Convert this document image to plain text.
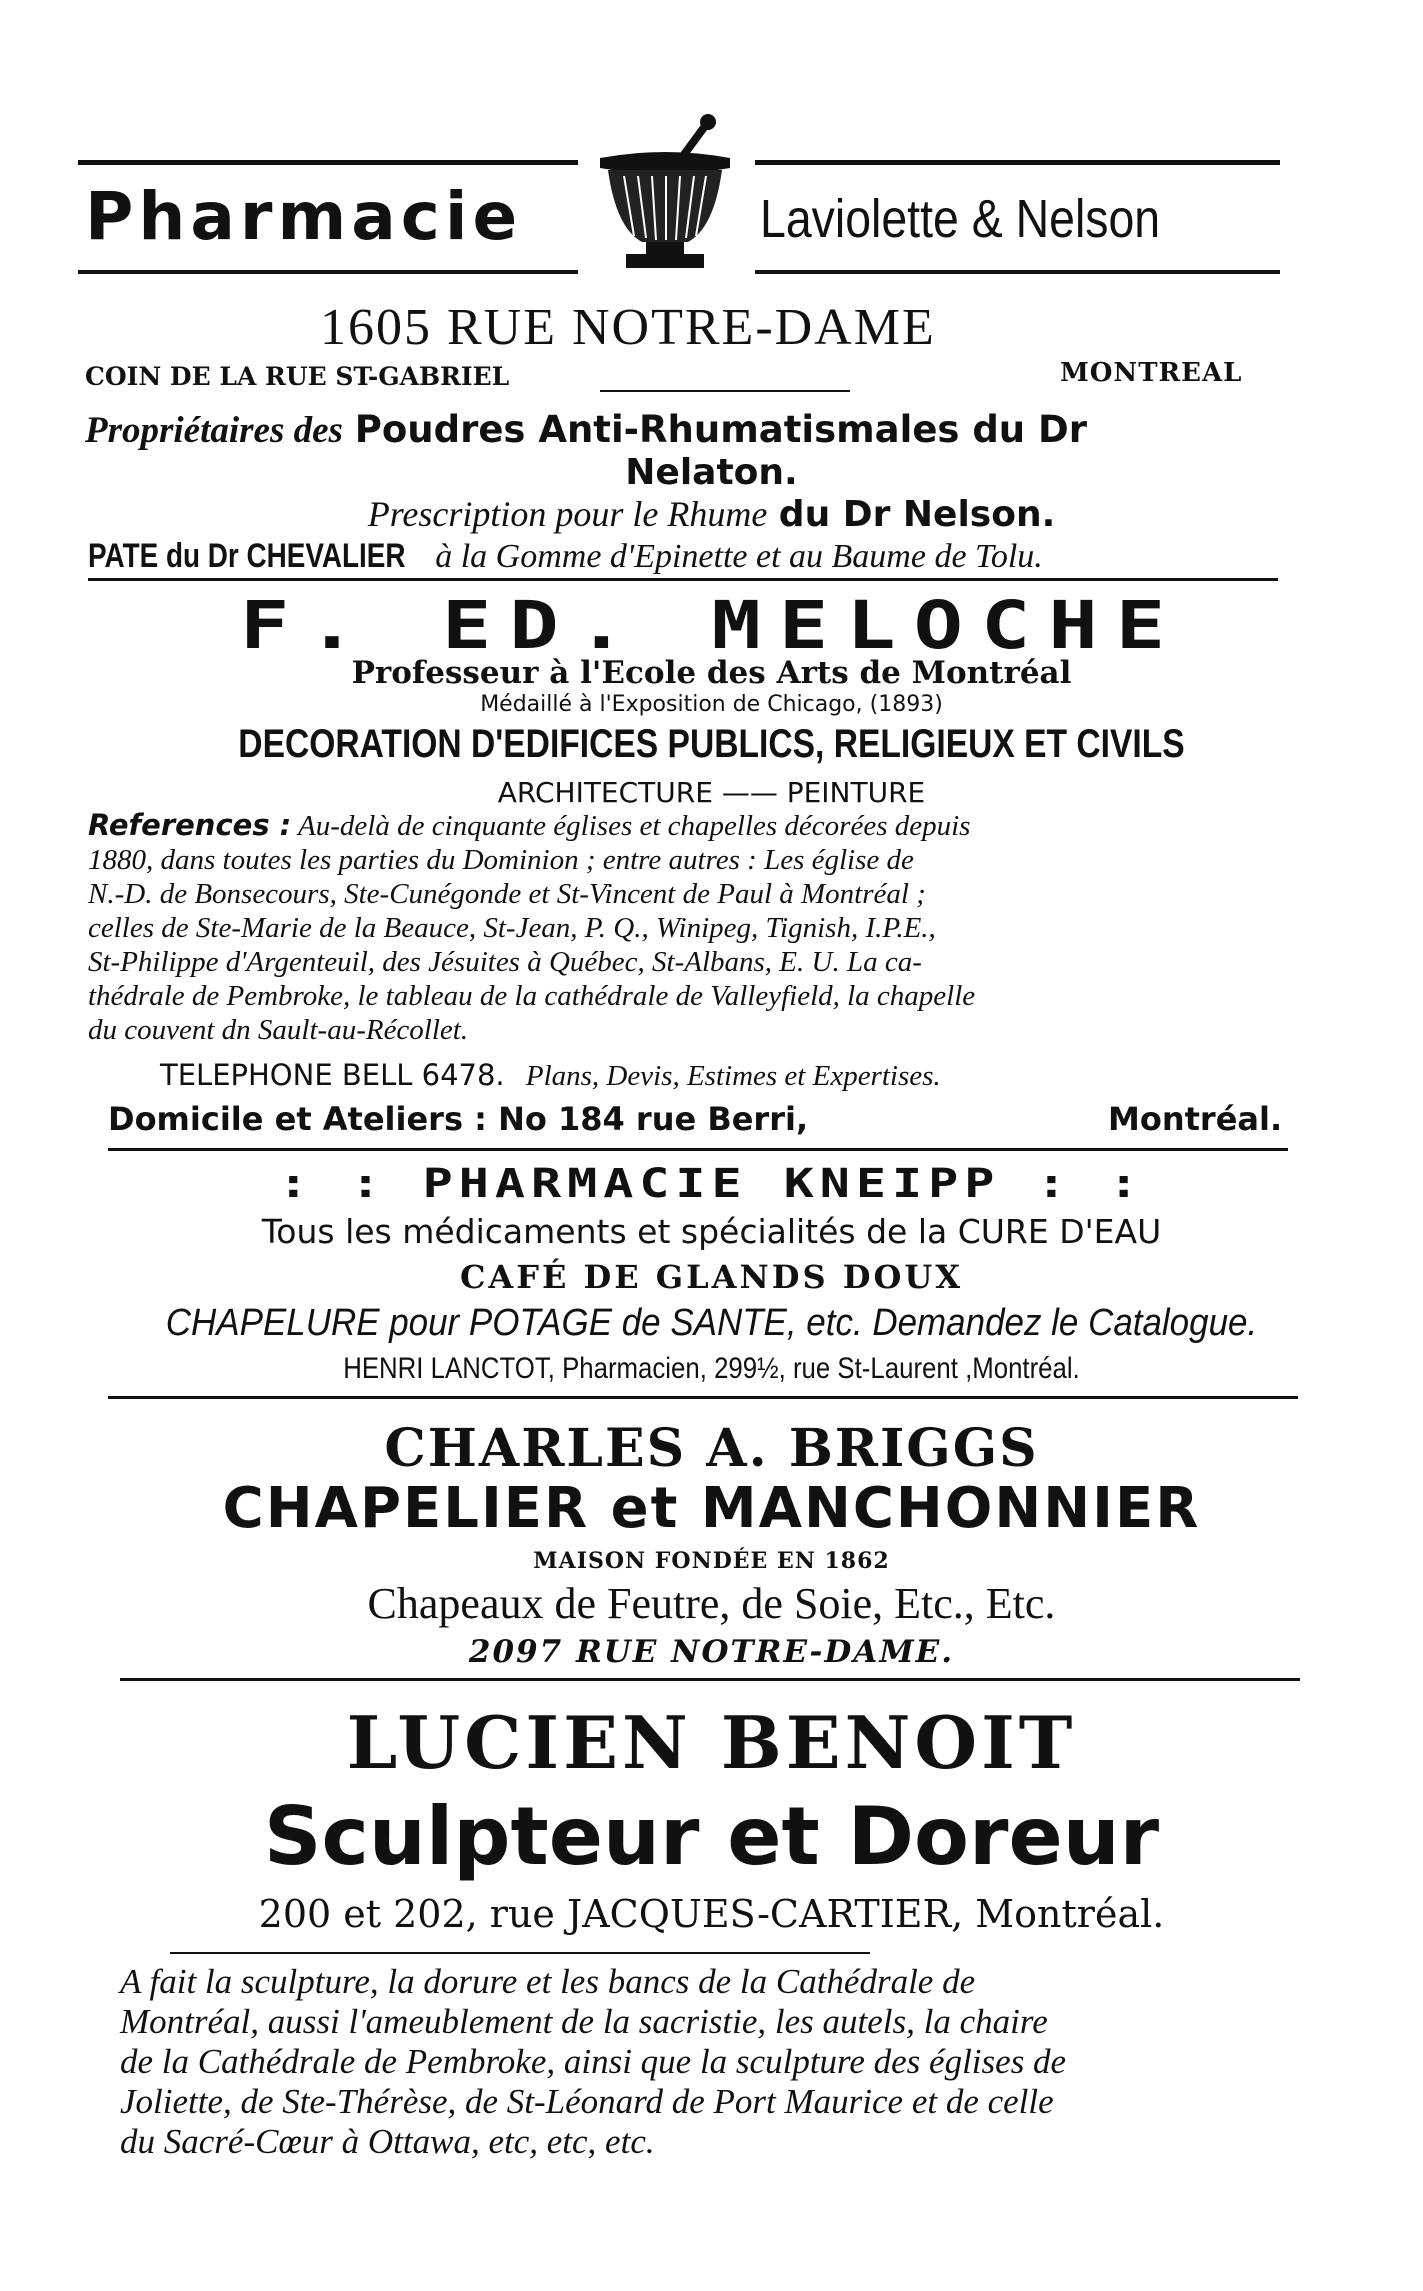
Pharmacie	Laviolette & Nelson
1605 RUE NOTRE-DAME
COIN DE LA RUE ST-GABRIEL	MONTREAL
Propriétaires des Poudres Anti-Rhumatismales du Dr
Nelaton.
Prescription pour le Rhume du Dr Nelson.
PATE du Dr CHEVALIER à la Gomme d'Epinette et au Baume de Tolu.
F. ED. MELOCHE
Professeur à l'Ecole des Arts de Montréal
Médaillé à l'Exposition de Chicago, (1893)
DECORATION D'EDIFICES PUBLICS, RELIGIEUX ET CIVILS
ARCHITECTURE —— PEINTURE
References : Au-delà de cinquante églises et chapelles décorées depuis
1880, dans toutes les parties du Dominion ; entre autres : Les église de
N.-D. de Bonsecours, Ste-Cunégonde et St-Vincent de Paul à Montréal ;
celles de Ste-Marie de la Beauce, St-Jean, P. Q., Winipeg, Tignish, I.P.E.,
St-Philippe d'Argenteuil, des Jésuites à Québec, St-Albans, E. U. La ca-
thédrale de Pembroke, le tableau de la cathédrale de Valleyfield, la chapelle
du couvent dn Sault-au-Récollet.
TELEPHONE BELL 6478. Plans, Devis, Estimes et Expertises.
Domicile et Ateliers : No 184 rue Berri,	Montréal.
: : PHARMACIE KNEIPP : :
Tous les médicaments et spécialités de la CURE D'EAU
CAFÉ DE GLANDS DOUX
CHAPELURE pour POTAGE de SANTE, etc. Demandez le Catalogue.
HENRI LANCTOT, Pharmacien, 299½, rue St-Laurent ,Montréal.
CHARLES A. BRIGGS
CHAPELIER et MANCHONNIER
MAISON FONDÉE EN 1862
Chapeaux de Feutre, de Soie, Etc., Etc.
2097 RUE NOTRE-DAME.
LUCIEN BENOIT
Sculpteur et Doreur
200 et 202, rue JACQUES-CARTIER, Montréal.
A fait la sculpture, la dorure et les bancs de la Cathédrale de
Montréal, aussi l'ameublement de la sacristie, les autels, la chaire
de la Cathédrale de Pembroke, ainsi que la sculpture des églises de
Joliette, de Ste-Thérèse, de St-Léonard de Port Maurice et de celle
du Sacré-Cœur à Ottawa, etc, etc, etc.
